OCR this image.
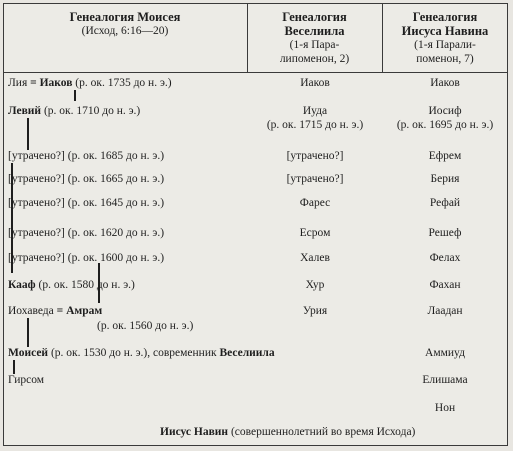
Генеалогия Моисея
(Исход, 6:16—20)
Генеалогия
Веселиила
(1-я Пара-
липоменон, 2)
Генеалогия
Иисуса Навина
(1-я Парали-
поменон, 7)
Лия = Иаков (р. ок. 1735 до н. э.)
Левий (р. ок. 1710 до н. э.)
[утрачено?] (р. ок. 1685 до н. э.)
[утрачено?] (р. ок. 1665 до н. э.)
[утрачено?] (р. ок. 1645 до н. э.)
[утрачено?] (р. ок. 1620 до н. э.)
[утрачено?] (р. ок. 1600 до н. э.)
Кааф (р. ок. 1580 до н. э.)
Иохаведа = Амрам
(р. ок. 1560 до н. э.)
Моисей (р. ок. 1530 до н. э.), современник Веселиила
Гирсом
Иаков
Иуда
(р. ок. 1715 до н. э.)
[утрачено?]
[утрачено?]
Фарес
Есром
Халев
Хур
Урия
Иаков
Иосиф
(р. ок. 1695 до н. э.)
Ефрем
Берия
Рефай
Решеф
Фелах
Фахан
Лаадан
Аммиуд
Елишама
Нон
Иисус Навин (совершеннолетний во время Исхода)
